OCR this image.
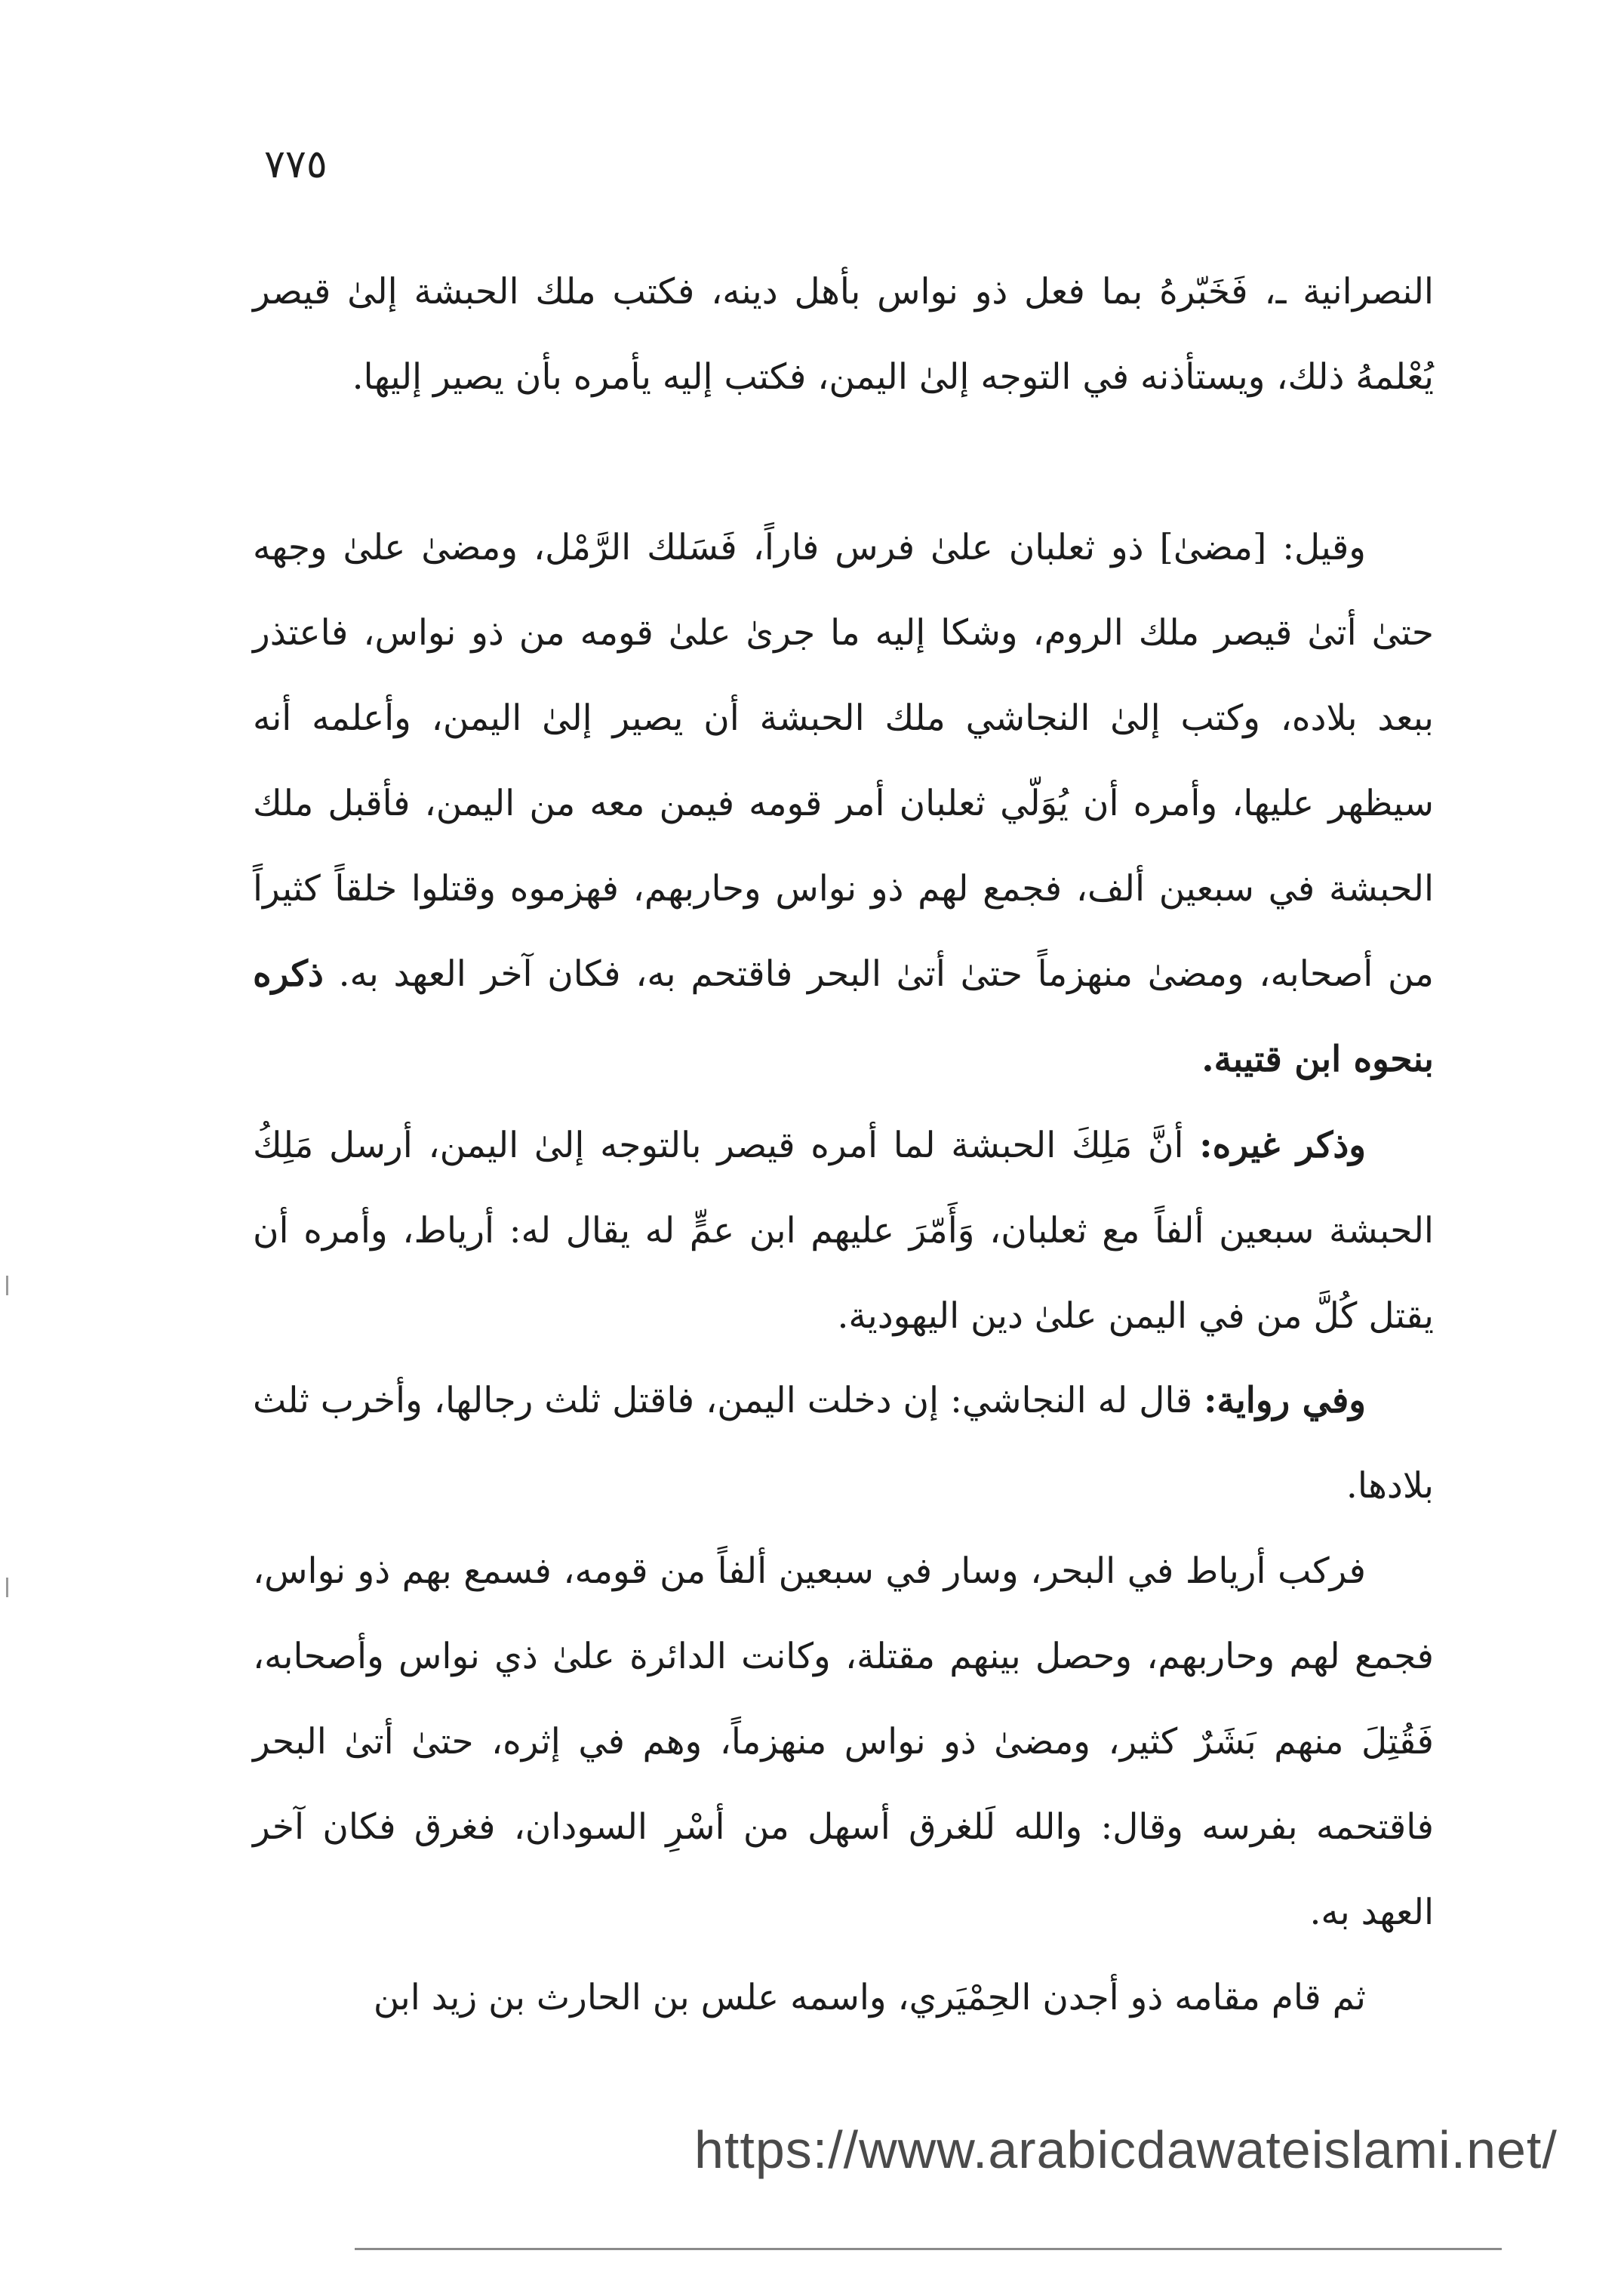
٧٧٥

النصرانية ـ، فَخَبّرهُ بما فعل ذو نواس بأهل دينه، فكتب ملك الحبشة إلىٰ قيصر يُعْلمهُ ذلك، ويستأذنه في التوجه إلىٰ اليمن، فكتب إليه يأمره بأن يصير إليها.

وقيل: [مضىٰ] ذو ثعلبان علىٰ فرس فاراً، فَسَلك الرَّمْل، ومضىٰ علىٰ وجهه حتىٰ أتىٰ قيصر ملك الروم، وشكا إليه ما جرىٰ علىٰ قومه من ذو نواس، فاعتذر ببعد بلاده، وكتب إلىٰ النجاشي ملك الحبشة أن يصير إلىٰ اليمن، وأعلمه أنه سيظهر عليها، وأمره أن يُوَلّي ثعلبان أمر قومه فيمن معه من اليمن، فأقبل ملك الحبشة في سبعين ألف، فجمع لهم ذو نواس وحاربهم، فهزموه وقتلوا خلقاً كثيراً من أصحابه، ومضىٰ منهزماً حتىٰ أتىٰ البحر فاقتحم به، فكان آخر العهد به. ذكره بنحوه ابن قتيبة.

وذكر غيره: أنَّ مَلِكَ الحبشة لما أمره قيصر بالتوجه إلىٰ اليمن، أرسل مَلِكُ الحبشة سبعين ألفاً مع ثعلبان، وَأَمّرَ عليهم ابن عمٍّ له يقال له: أرياط، وأمره أن يقتل كُلَّ من في اليمن علىٰ دين اليهودية.

وفي رواية: قال له النجاشي: إن دخلت اليمن، فاقتل ثلث رجالها، وأخرب ثلث بلادها.

فركب أرياط في البحر، وسار في سبعين ألفاً من قومه، فسمع بهم ذو نواس، فجمع لهم وحاربهم، وحصل بينهم مقتلة، وكانت الدائرة علىٰ ذي نواس وأصحابه، فَقُتِلَ منهم بَشَرٌ كثير، ومضىٰ ذو نواس منهزماً، وهم في إثره، حتىٰ أتىٰ البحر فاقتحمه بفرسه وقال: والله لَلغرق أسهل من أسْرِ السودان، فغرق فكان آخر العهد به.

ثم قام مقامه ذو أجدن الحِمْيَري، واسمه علس بن الحارث بن زيد ابن

https://www.arabicdawateislami.net/
